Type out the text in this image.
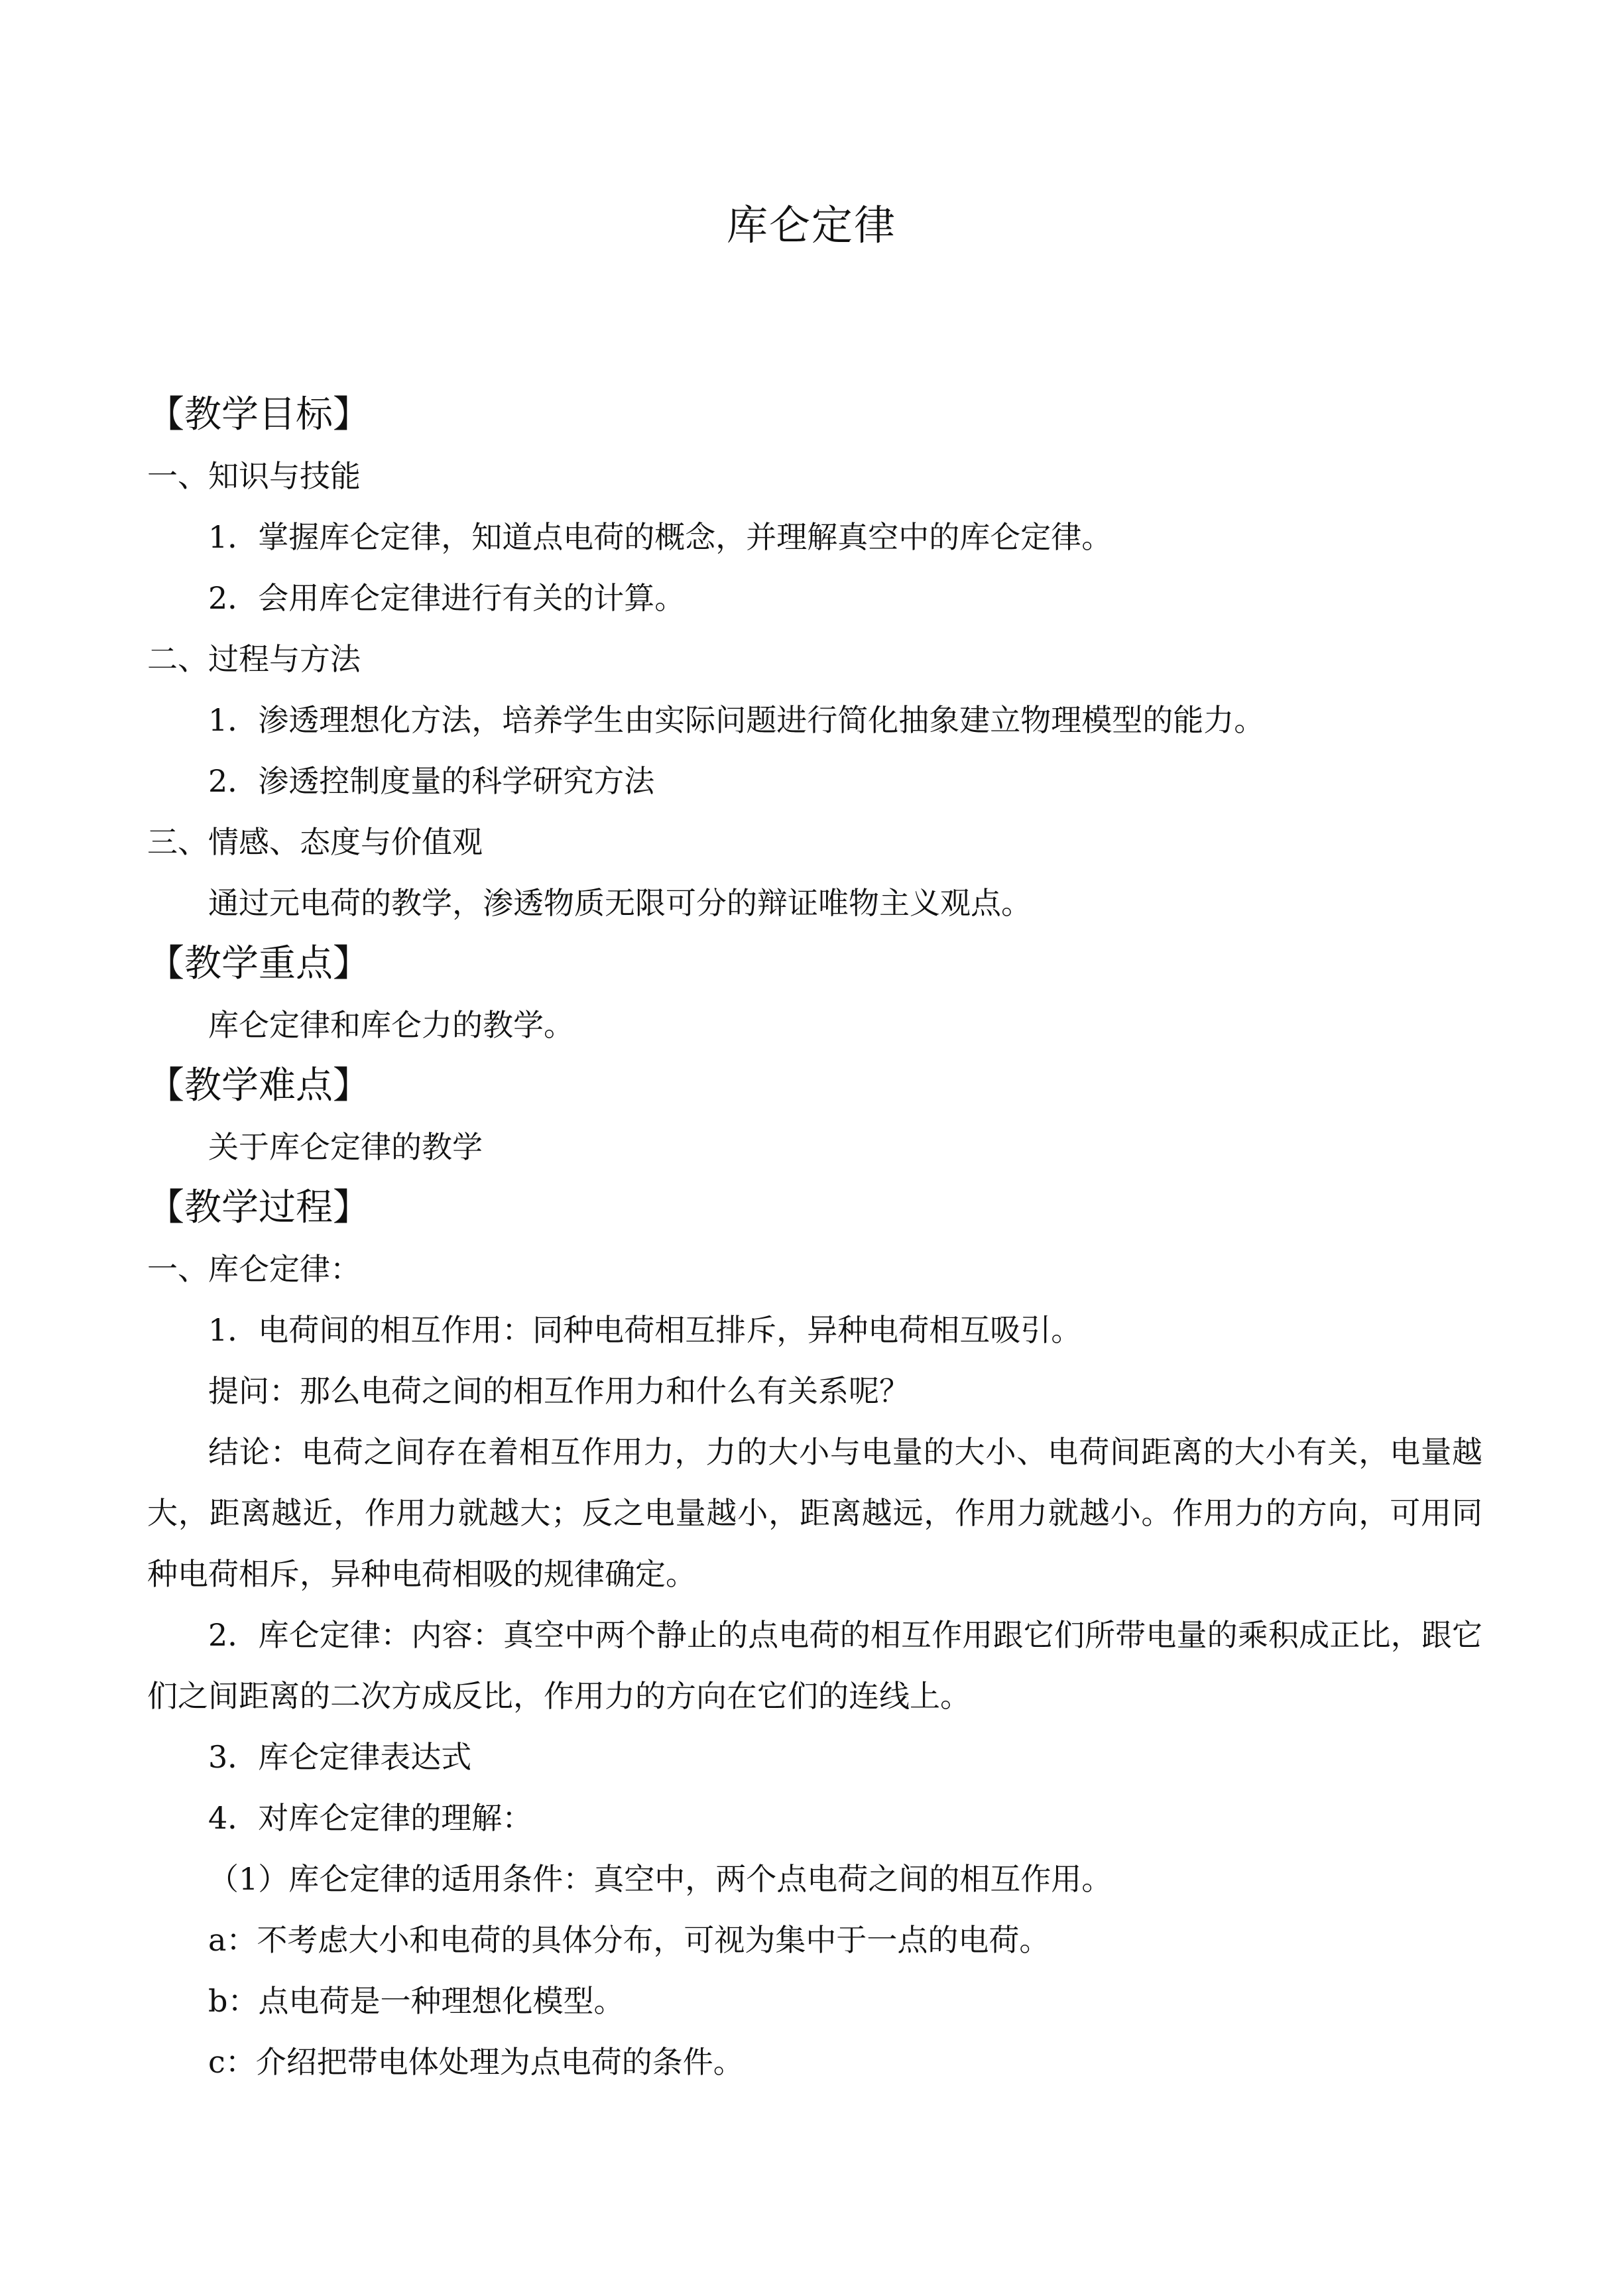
库仑定律
【教学目标】

一、知识与技能

1．掌握库仑定律，知道点电荷的概念，并理解真空中的库仑定律。

2．会用库仑定律进行有关的计算。

二、过程与方法

1．渗透理想化方法，培养学生由实际问题进行简化抽象建立物理模型的能力。

2．渗透控制度量的科学研究方法

三、情感、态度与价值观

通过元电荷的教学，渗透物质无限可分的辩证唯物主义观点。

【教学重点】

库仑定律和库仑力的教学。

【教学难点】

关于库仑定律的教学

【教学过程】

一、库仑定律：

1．电荷间的相互作用：同种电荷相互排斥，异种电荷相互吸引。

提问：那么电荷之间的相互作用力和什么有关系呢？

结论：电荷之间存在着相互作用力，力的大小与电量的大小、电荷间距离的大小有关，电量越大，距离越近，作用力就越大；反之电量越小，距离越远，作用力就越小。作用力的方向，可用同种电荷相斥，异种电荷相吸的规律确定。

2．库仑定律：内容：真空中两个静止的点电荷的相互作用跟它们所带电量的乘积成正比，跟它们之间距离的二次方成反比，作用力的方向在它们的连线上。

3．库仑定律表达式

4．对库仑定律的理解：

（1）库仑定律的适用条件：真空中，两个点电荷之间的相互作用。

a：不考虑大小和电荷的具体分布，可视为集中于一点的电荷。

b：点电荷是一种理想化模型。

c：介绍把带电体处理为点电荷的条件。
